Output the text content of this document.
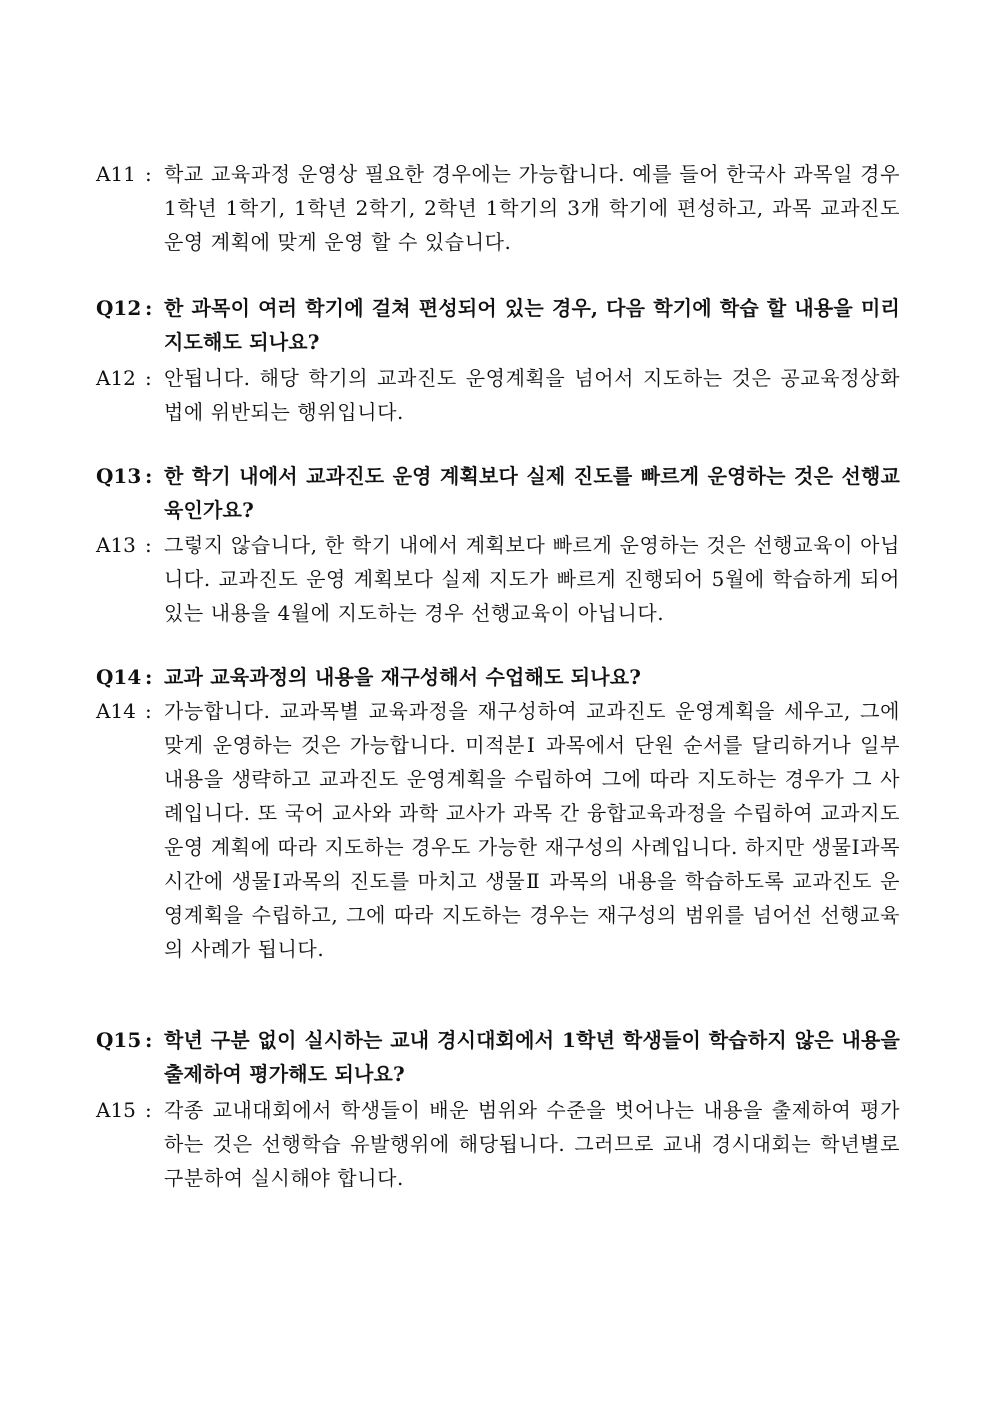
A11 : 학교 교육과정 운영상 필요한 경우에는 가능합니다. 예를 들어 한국사 과목일 경우 1학년 1학기, 1학년 2학기, 2학년 1학기의 3개 학기에 편성하고, 과목 교과진도 운영 계획에 맞게 운영 할 수 있습니다.
Q12 : 한 과목이 여러 학기에 걸쳐 편성되어 있는 경우, 다음 학기에 학습 할 내용을 미리 지도해도 되나요?
A12 : 안됩니다. 해당 학기의 교과진도 운영계획을 넘어서 지도하는 것은 공교육정상화법에 위반되는 행위입니다.
Q13 : 한 학기 내에서 교과진도 운영 계획보다 실제 진도를 빠르게 운영하는 것은 선행교육인가요?
A13 : 그렇지 않습니다, 한 학기 내에서 계획보다 빠르게 운영하는 것은 선행교육이 아닙니다. 교과진도 운영 계획보다 실제 지도가 빠르게 진행되어 5월에 학습하게 되어 있는 내용을 4월에 지도하는 경우 선행교육이 아닙니다.
Q14 : 교과 교육과정의 내용을 재구성해서 수업해도 되나요?
A14 : 가능합니다. 교과목별 교육과정을 재구성하여 교과진도 운영계획을 세우고, 그에 맞게 운영하는 것은 가능합니다. 미적분Ⅰ 과목에서 단원 순서를 달리하거나 일부 내용을 생략하고 교과진도 운영계획을 수립하여 그에 따라 지도하는 경우가 그 사례입니다. 또 국어 교사와 과학 교사가 과목 간 융합교육과정을 수립하여 교과지도 운영 계획에 따라 지도하는 경우도 가능한 재구성의 사례입니다. 하지만 생물Ⅰ과목 시간에 생물Ⅰ과목의 진도를 마치고 생물Ⅱ 과목의 내용을 학습하도록 교과진도 운영계획을 수립하고, 그에 따라 지도하는 경우는 재구성의 범위를 넘어선 선행교육의 사례가 됩니다.
Q15 : 학년 구분 없이 실시하는 교내 경시대회에서 1학년 학생들이 학습하지 않은 내용을 출제하여 평가해도 되나요?
A15 : 각종 교내대회에서 학생들이 배운 범위와 수준을 벗어나는 내용을 출제하여 평가하는 것은 선행학습 유발행위에 해당됩니다. 그러므로 교내 경시대회는 학년별로 구분하여 실시해야 합니다.
